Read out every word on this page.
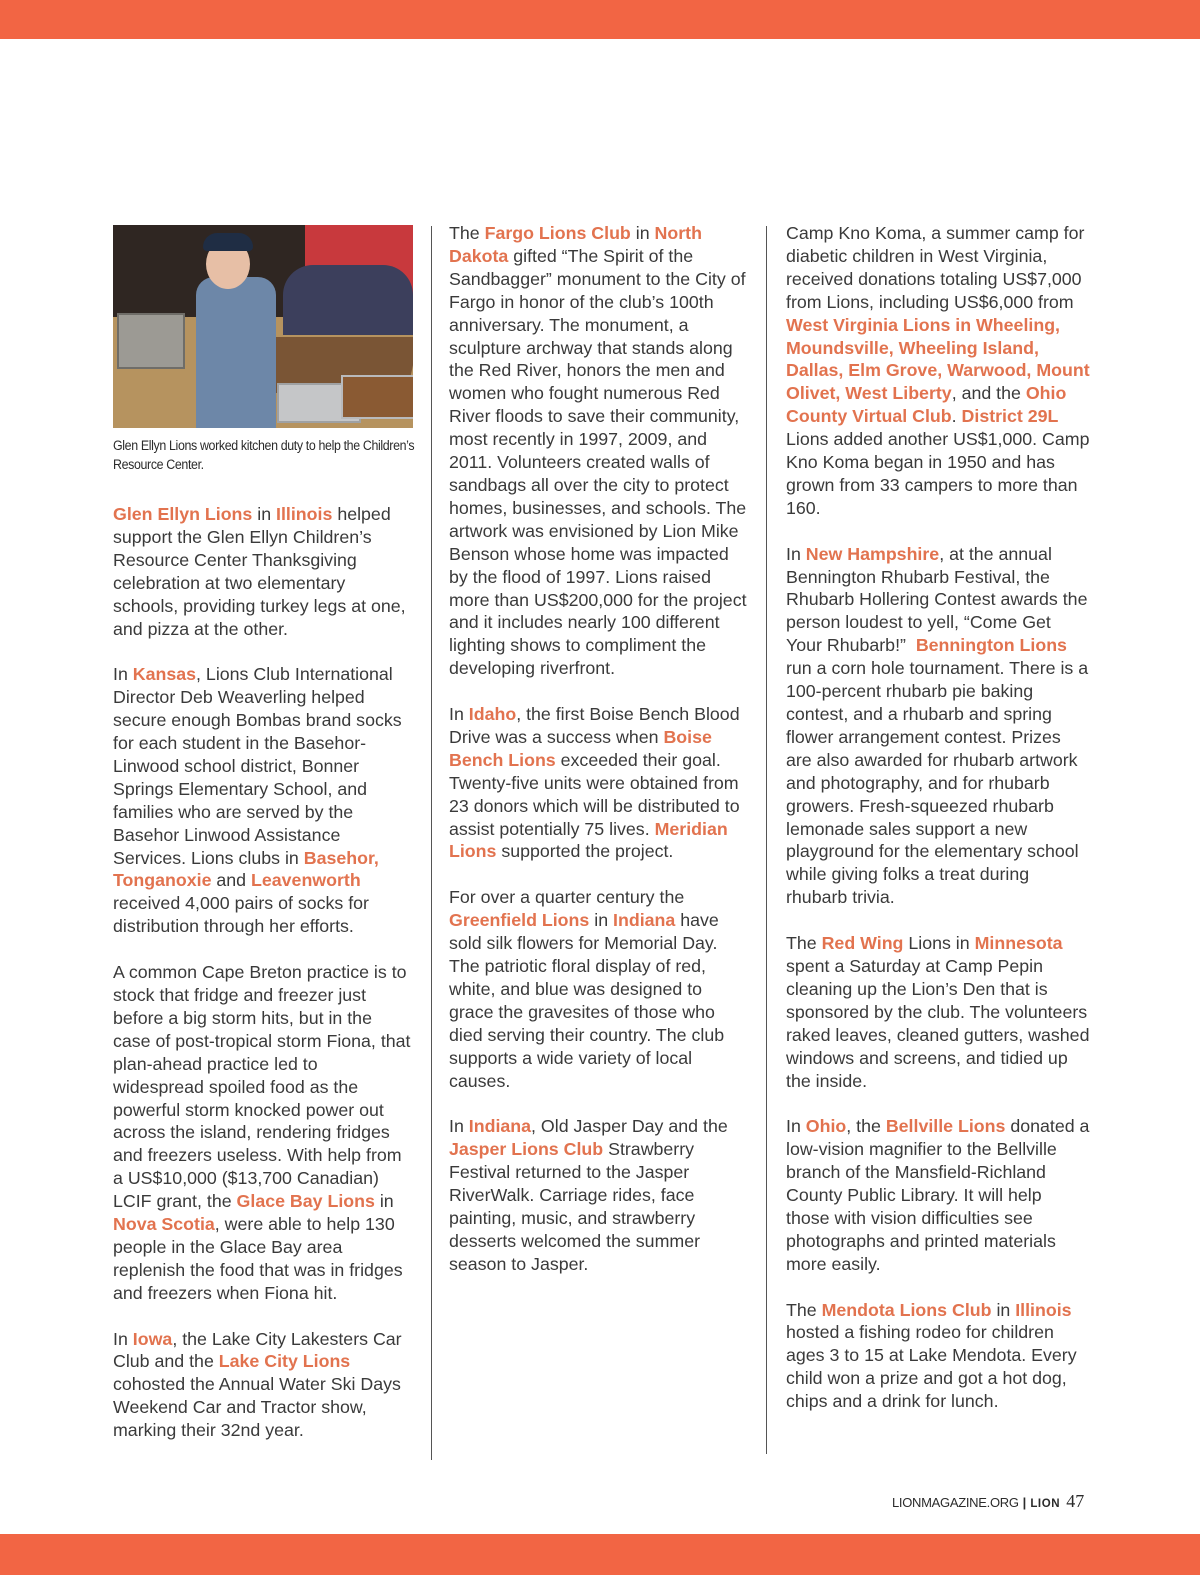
Glen Ellyn Lions worked kitchen duty to help the Children’s Resource Center.

Glen Ellyn Lions in Illinois helped support the Glen Ellyn Children’s Resource Center Thanksgiving celebration at two elementary schools, providing turkey legs at one, and pizza at the other.

In Kansas, Lions Club International Director Deb Weaverling helped secure enough Bombas brand socks for each student in the Basehor-Linwood school district, Bonner Springs Elementary School, and families who are served by the Basehor Linwood Assistance Services. Lions clubs in Basehor, Tonganoxie and Leavenworth received 4,000 pairs of socks for distribution through her efforts.

A common Cape Breton practice is to stock that fridge and freezer just before a big storm hits, but in the case of post-tropical storm Fiona, that plan-ahead practice led to widespread spoiled food as the powerful storm knocked power out across the island, rendering fridges and freezers useless. With help from a US$10,000 ($13,700 Canadian) LCIF grant, the Glace Bay Lions in Nova Scotia, were able to help 130 people in the Glace Bay area replenish the food that was in fridges and freezers when Fiona hit.

In Iowa, the Lake City Lakesters Car Club and the Lake City Lions cohosted the Annual Water Ski Days Weekend Car and Tractor show, marking their 32nd year.

The Fargo Lions Club in North Dakota gifted “The Spirit of the Sandbagger” monument to the City of Fargo in honor of the club’s 100th anniversary. The monument, a sculpture archway that stands along the Red River, honors the men and women who fought numerous Red River floods to save their community, most recently in 1997, 2009, and 2011. Volunteers created walls of sandbags all over the city to protect homes, businesses, and schools. The artwork was envisioned by Lion Mike Benson whose home was impacted by the flood of 1997. Lions raised more than US$200,000 for the project and it includes nearly 100 different lighting shows to compliment the developing riverfront.

In Idaho, the first Boise Bench Blood Drive was a success when Boise Bench Lions exceeded their goal. Twenty-five units were obtained from 23 donors which will be distributed to assist potentially 75 lives. Meridian Lions supported the project.

For over a quarter century the Greenfield Lions in Indiana have sold silk flowers for Memorial Day. The patriotic floral display of red, white, and blue was designed to grace the gravesites of those who died serving their country. The club supports a wide variety of local causes.

In Indiana, Old Jasper Day and the Jasper Lions Club Strawberry Festival returned to the Jasper RiverWalk. Carriage rides, face painting, music, and strawberry desserts welcomed the summer season to Jasper.

Camp Kno Koma, a summer camp for diabetic children in West Virginia, received donations totaling US$7,000 from Lions, including US$6,000 from West Virginia Lions in Wheeling, Moundsville, Wheeling Island, Dallas, Elm Grove, Warwood, Mount Olivet, West Liberty, and the Ohio County Virtual Club. District 29L Lions added another US$1,000. Camp Kno Koma began in 1950 and has grown from 33 campers to more than 160.

In New Hampshire, at the annual Bennington Rhubarb Festival, the Rhubarb Hollering Contest awards the person loudest to yell, “Come Get Your Rhubarb!”  Bennington Lions run a corn hole tournament. There is a 100-percent rhubarb pie baking contest, and a rhubarb and spring flower arrangement contest. Prizes are also awarded for rhubarb artwork and photography, and for rhubarb growers. Fresh-squeezed rhubarb lemonade sales support a new playground for the elementary school while giving folks a treat during rhubarb trivia.

The Red Wing Lions in Minnesota spent a Saturday at Camp Pepin cleaning up the Lion’s Den that is sponsored by the club. The volunteers raked leaves, cleaned gutters, washed windows and screens, and tidied up the inside.

In Ohio, the Bellville Lions donated a low-vision magnifier to the Bellville branch of the Mansfield-Richland County Public Library. It will help those with vision difficulties see photographs and printed materials more easily.

The Mendota Lions Club in Illinois hosted a fishing rodeo for children ages 3 to 15 at Lake Mendota. Every child won a prize and got a hot dog, chips and a drink for lunch.

LIONMAGAZINE.ORG | LION 47
